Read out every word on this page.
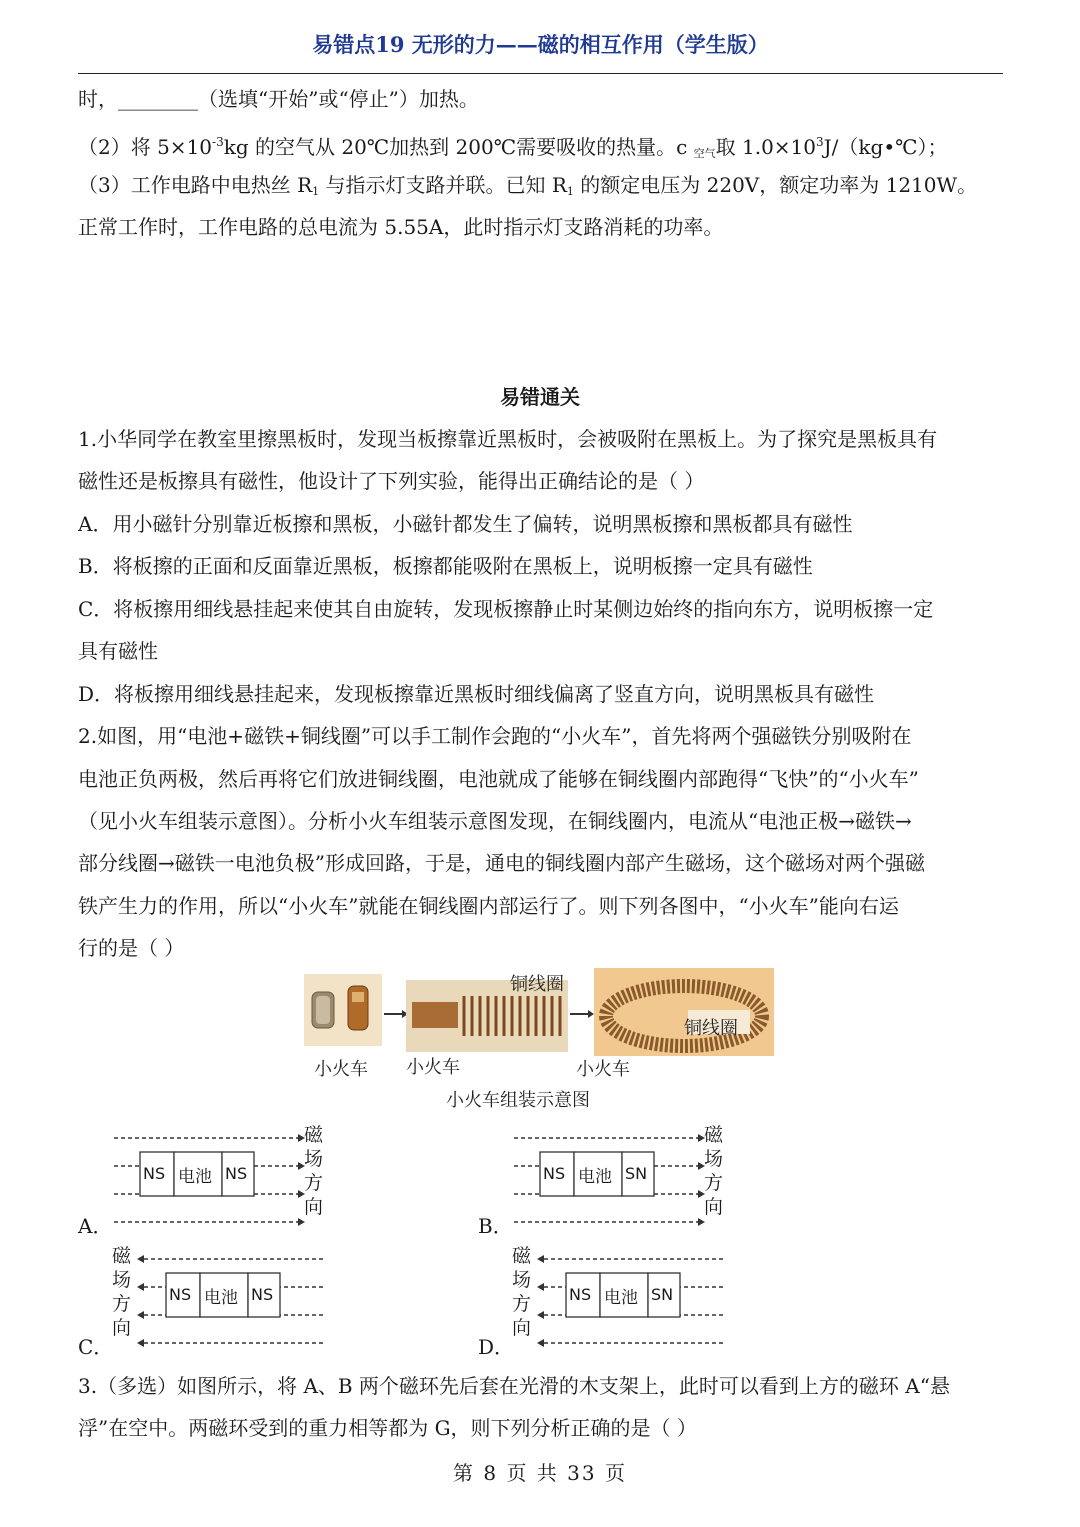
易错点19 无形的力——磁的相互作用（学生版）
时，________（选填“开始”或“停止”）加热。
（2）将 $5\times 10^{-3}kg$ 的空气从 20℃加热到 200℃需要吸收的热量。c $_{空气}$取 $1.0\times 10^3J/(kg•℃)$；
（3）工作电路中电热丝 $R_1$ 与指示灯支路并联。已知 $R_1$ 的额定电压为 220V，额定功率为 1210W。
正常工作时，工作电路的总电流为 5.55A，此时指示灯支路消耗的功率。
易错通关
1.小华同学在教室里擦黑板时，发现当板擦靠近黑板时，会被吸附在黑板上。为了探究是黑板具有
磁性还是板擦具有磁性，他设计了下列实验，能得出正确结论的是（ ）
A．用小磁针分别靠近板擦和黑板，小磁针都发生了偏转，说明黑板擦和黑板都具有磁性
B．将板擦的正面和反面靠近黑板，板擦都能吸附在黑板上，说明板擦一定具有磁性
C．将板擦用细线悬挂起来使其自由旋转，发现板擦静止时某侧边始终的指向东方，说明板擦一定
具有磁性
D．将板擦用细线悬挂起来，发现板擦靠近黑板时细线偏离了竖直方向，说明黑板具有磁性
2.如图，用“电池+磁铁+铜线圈”可以手工制作会跑的“小火车”，首先将两个强磁铁分别吸附在
电池正负两极，然后再将它们放进铜线圈，电池就成了能够在铜线圈内部跑得“飞快”的“小火车”
（见小火车组装示意图）。分析小火车组装示意图发现，在铜线圈内，电流从“电池正极→磁铁→
部分线圈→磁铁一电池负极”形成回路，于是，通电的铜线圈内部产生磁场，这个磁场对两个强磁
铁产生力的作用，所以“小火车”就能在铜线圈内部运行了。则下列各图中，“小火车”能向右运
行的是（ ）
铜线圈
铜线圈
小火车 小火车	小火车
小火车组装示意图
NS 电池 NS
磁
场
方
向
A．
NS 电池 SN
磁
场
方
向
B．
NS 电池 NS
磁
场
方
向
C．
NS 电池 SN
磁
场
方
向
D．
3.（多选）如图所示，将 A、B 两个磁环先后套在光滑的木支架上，此时可以看到上方的磁环 A“悬
浮”在空中。两磁环受到的重力相等都为 G，则下列分析正确的是（ ）
第 8 页 共 33 页
